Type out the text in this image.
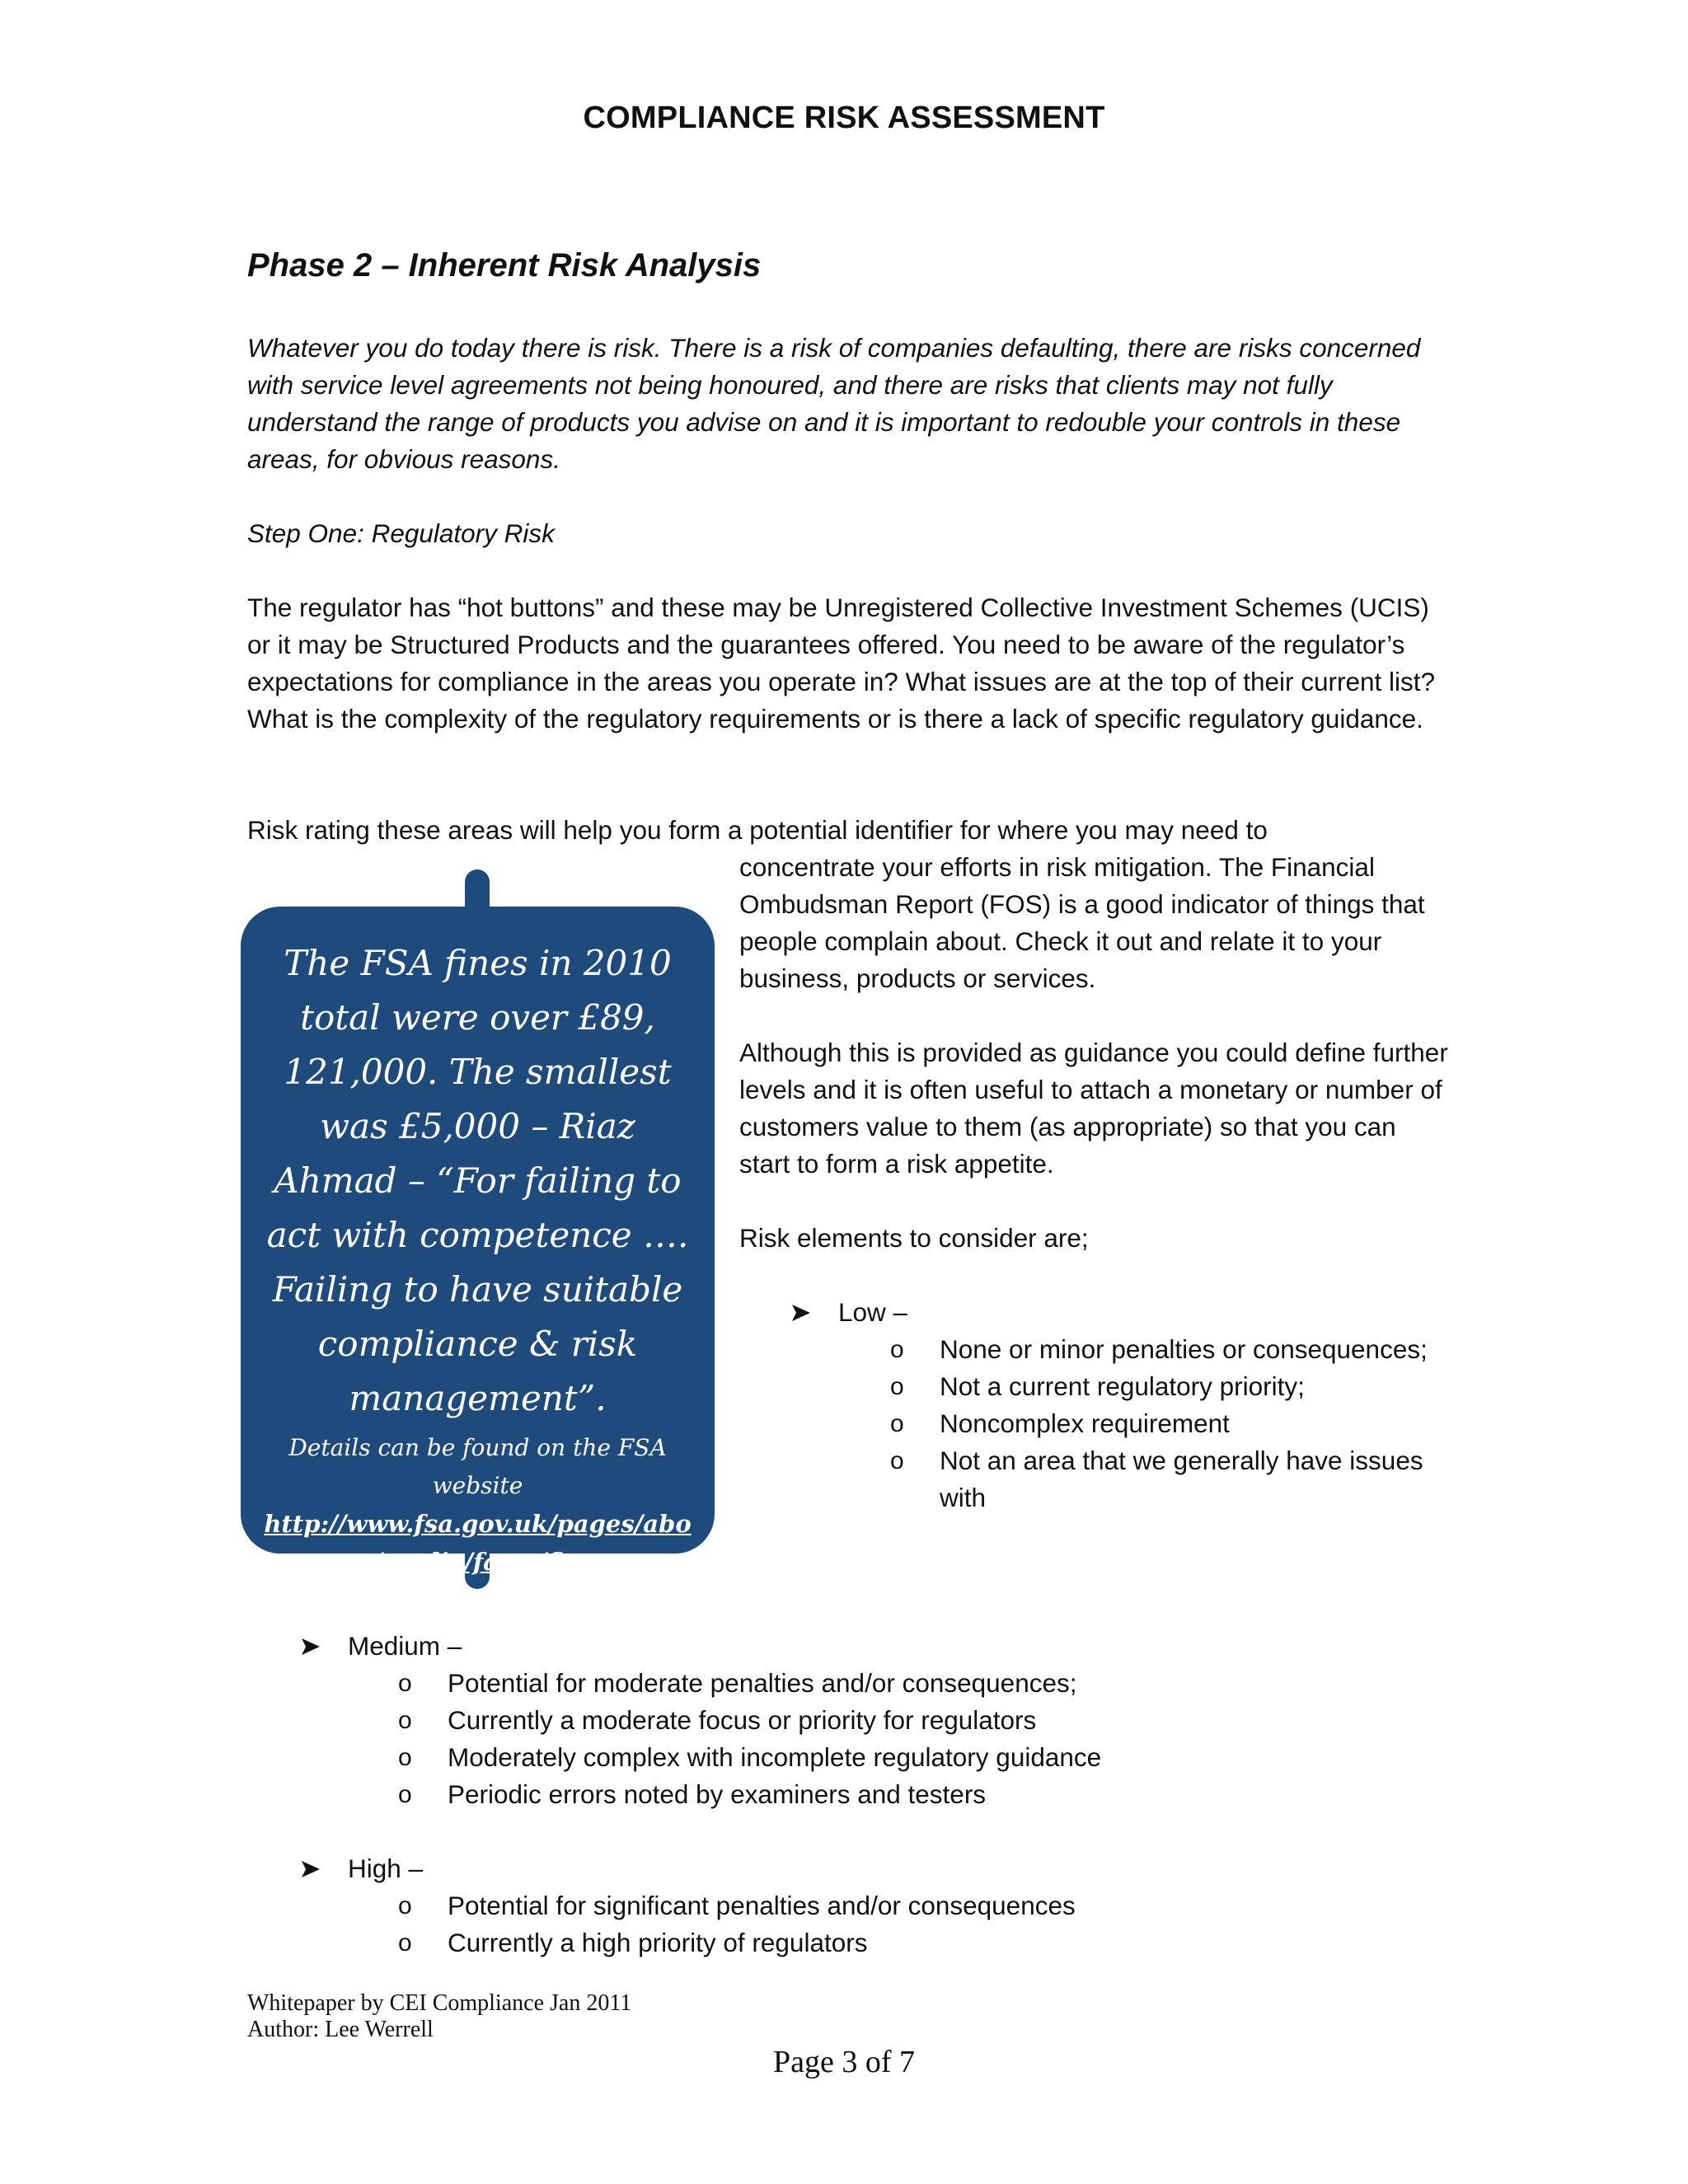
COMPLIANCE RISK ASSESSMENT
Phase 2 – Inherent Risk Analysis
Whatever you do today there is risk. There is a risk of companies defaulting, there are risks concerned with service level agreements not being honoured, and there are risks that clients may not fully understand the range of products you advise on and it is important to redouble your controls in these areas, for obvious reasons.
Step One: Regulatory Risk
The regulator has “hot buttons” and these may be Unregistered Collective Investment Schemes (UCIS) or it may be Structured Products and the guarantees offered. You need to be aware of the regulator’s expectations for compliance in the areas you operate in? What issues are at the top of their current list? What is the complexity of the regulatory requirements or is there a lack of specific regulatory guidance.
Risk rating these areas will help you form a potential identifier for where you may need to
concentrate your efforts in risk mitigation. The Financial Ombudsman Report (FOS) is a good indicator of things that people complain about. Check it out and relate it to your business, products or services.
Although this is provided as guidance you could define further levels and it is often useful to attach a monetary or number of customers value to them (as appropriate) so that you can start to form a risk appetite.
Risk elements to consider are;
The FSA fines in 2010 total were over £89, 121,000. The smallest was £5,000 – Riaz Ahmad – “For failing to act with competence …. Failing to have suitable compliance & risk management”.
Details can be found on the FSA website
http://www.fsa.gov.uk/pages/about/media/facts/fines
Low –
o None or minor penalties or consequences;
o Not a current regulatory priority;
o Noncomplex requirement
o Not an area that we generally have issues with
Medium –
o Potential for moderate penalties and/or consequences;
o Currently a moderate focus or priority for regulators
o Moderately complex with incomplete regulatory guidance
o Periodic errors noted by examiners and testers
High –
o Potential for significant penalties and/or consequences
o Currently a high priority of regulators
Whitepaper by CEI Compliance Jan 2011
Author: Lee Werrell
Page 3 of 7
